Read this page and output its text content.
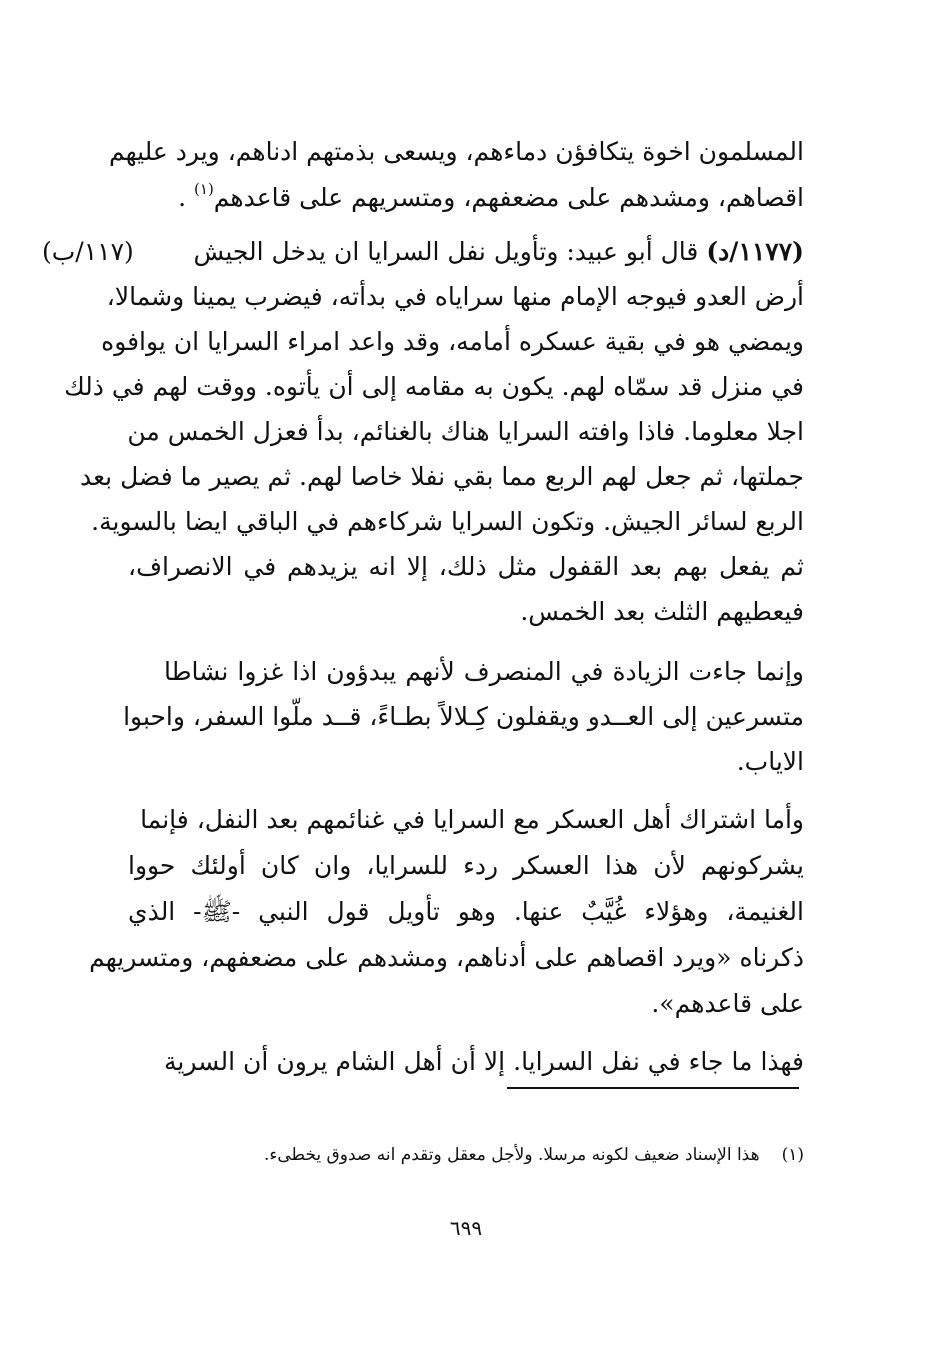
المسلمون اخوة يتكافؤن دماءهم، ويسعى بذمتهم ادناهم، ويرد عليهم
اقصاهم، ومشدهم على مضعفهم، ومتسريهم على قاعدهم$^{(١)}$ .
(١١٧٧/د) قال أبو عبيد: وتأويل نفل السرايا ان يدخل الجيش
(١١٧/ب)
أرض العدو فيوجه الإمام منها سراياه في بدأته، فيضرب يمينا وشمالا،
ويمضي هو في بقية عسكره أمامه، وقد واعد امراء السرايا ان يوافوه
في منزل قد سمّاه لهم. يكون به مقامه إلى أن يأتوه. ووقت لهم في ذلك
اجلا معلوما. فاذا وافته السرايا هناك بالغنائم، بدأ فعزل الخمس من
جملتها، ثم جعل لهم الربع مما بقي نفلا خاصا لهم. ثم يصير ما فضل بعد
الربع لسائر الجيش. وتكون السرايا شركاءهم في الباقي ايضا بالسوية.
ثم يفعل بهم بعد القفول مثل ذلك، إلا انه يزيدهم في الانصراف،
فيعطيهم الثلث بعد الخمس.
وإنما جاءت الزيادة في المنصرف لأنهم يبدؤون اذا غزوا نشاطا
متسرعين إلى العــدو ويقفلون كِـلالاً بطـاءً، قــد ملّوا السفر، واحبوا
الاياب.
وأما اشتراك أهل العسكر مع السرايا في غنائمهم بعد النفل، فإنما
يشركونهم لأن هذا العسكر ردء للسرايا، وان كان أولئك حووا
الغنيمة، وهؤلاء غُيَّبٌ عنها. وهو تأويل قول النبي -ﷺ- الذي
ذكرناه «ويرد اقصاهم على أدناهم، ومشدهم على مضعفهم، ومتسريهم
على قاعدهم».
فهذا ما جاء في نفل السرايا. إلا أن أهل الشام يرون أن السرية
(١)هذا الإسناد ضعيف لكونه مرسلا. ولأجل معقل وتقدم انه صدوق يخطىء.
٦٩٩
